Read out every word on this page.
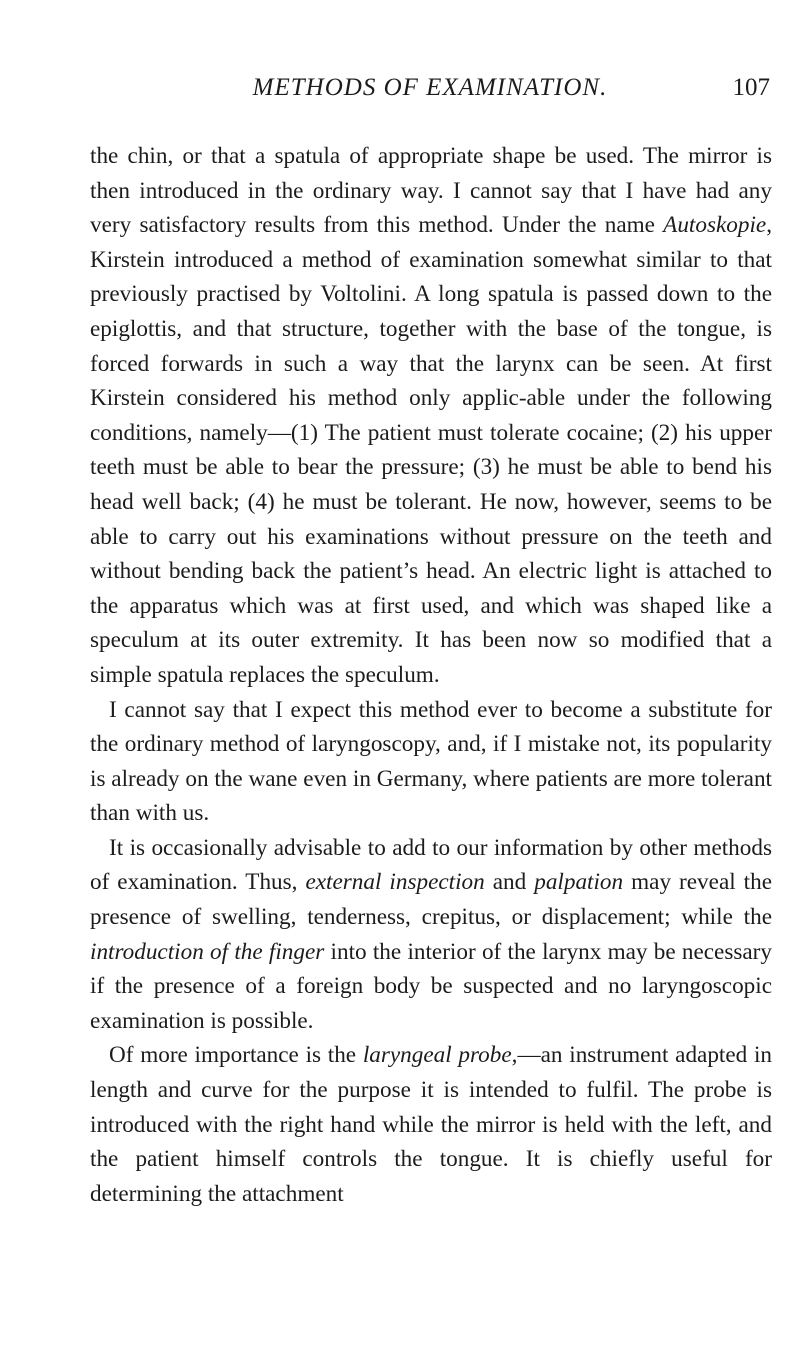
METHODS OF EXAMINATION.	107

the chin, or that a spatula of appropriate shape be used. The mirror is then introduced in the ordinary way. I cannot say that I have had any very satisfactory results from this method. Under the name Autoskopie, Kirstein introduced a method of examination somewhat similar to that previously practised by Voltolini. A long spatula is passed down to the epiglottis, and that structure, together with the base of the tongue, is forced forwards in such a way that the larynx can be seen. At first Kirstein considered his method only applic-able under the following conditions, namely—(1) The patient must tolerate cocaine; (2) his upper teeth must be able to bear the pressure; (3) he must be able to bend his head well back; (4) he must be tolerant. He now, however, seems to be able to carry out his examinations without pressure on the teeth and without bending back the patient’s head. An electric light is attached to the apparatus which was at first used, and which was shaped like a speculum at its outer extremity. It has been now so modified that a simple spatula replaces the speculum.

I cannot say that I expect this method ever to become a substitute for the ordinary method of laryngoscopy, and, if I mistake not, its popularity is already on the wane even in Germany, where patients are more tolerant than with us.

It is occasionally advisable to add to our information by other methods of examination. Thus, external inspection and palpation may reveal the presence of swelling, tenderness, crepitus, or displacement; while the introduction of the finger into the interior of the larynx may be necessary if the presence of a foreign body be suspected and no laryngoscopic examination is possible.

Of more importance is the laryngeal probe,—an instrument adapted in length and curve for the purpose it is intended to fulfil. The probe is introduced with the right hand while the mirror is held with the left, and the patient himself controls the tongue. It is chiefly useful for determining the attachment
